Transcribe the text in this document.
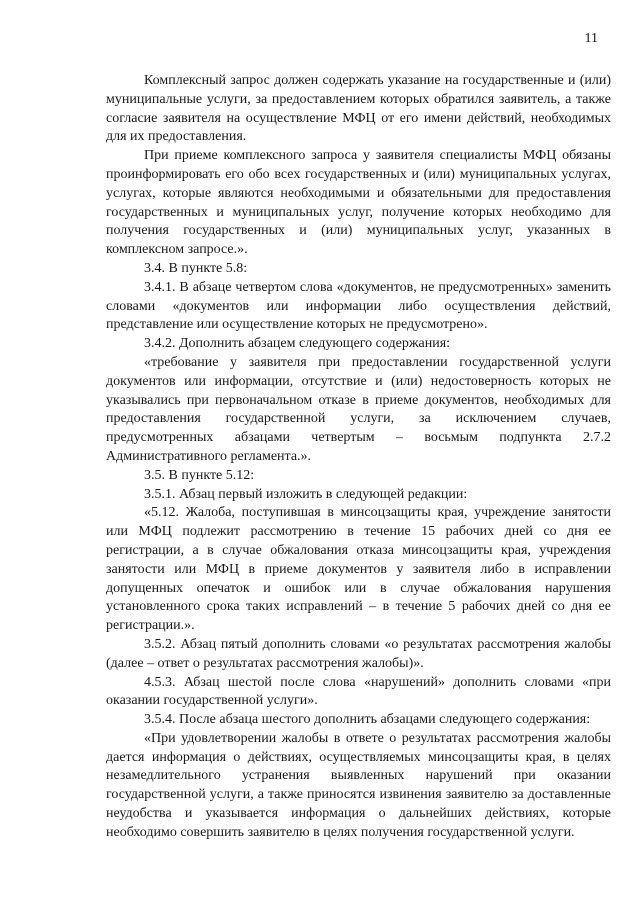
11

Комплексный запрос должен содержать указание на государственные и (или) муниципальные услуги, за предоставлением которых обратился заявитель, а также согласие заявителя на осуществление МФЦ от его имени действий, необходимых для их предоставления.

При приеме комплексного запроса у заявителя специалисты МФЦ обязаны проинформировать его обо всех государственных и (или) муниципальных услугах, услугах, которые являются необходимыми и обязательными для предоставления государственных и муниципальных услуг, получение которых необходимо для получения государственных и (или) муниципальных услуг, указанных в комплексном запросе.».

3.4. В пункте 5.8:

3.4.1. В абзаце четвертом слова «документов, не предусмотренных» заменить словами «документов или информации либо осуществления действий, представление или осуществление которых не предусмотрено».

3.4.2. Дополнить абзацем следующего содержания:

«требование у заявителя при предоставлении государственной услуги документов или информации, отсутствие и (или) недостоверность которых не указывались при первоначальном отказе в приеме документов, необходимых для предоставления государственной услуги, за исключением случаев, предусмотренных абзацами четвертым – восьмым подпункта 2.7.2 Административного регламента.».

3.5. В пункте 5.12:

3.5.1. Абзац первый изложить в следующей редакции:

«5.12. Жалоба, поступившая в минсоцзащиты края, учреждение занятости или МФЦ подлежит рассмотрению в течение 15 рабочих дней со дня ее регистрации, а в случае обжалования отказа минсоцзащиты края, учреждения занятости или МФЦ в приеме документов у заявителя либо в исправлении допущенных опечаток и ошибок или в случае обжалования нарушения установленного срока таких исправлений – в течение 5 рабочих дней со дня ее регистрации.».

3.5.2. Абзац пятый дополнить словами «о результатах рассмотрения жалобы (далее – ответ о результатах рассмотрения жалобы)».

4.5.3. Абзац шестой после слова «нарушений» дополнить словами «при оказании государственной услуги».

3.5.4. После абзаца шестого дополнить абзацами следующего содержания:

«При удовлетворении жалобы в ответе о результатах рассмотрения жалобы дается информация о действиях, осуществляемых минсоцзащиты края, в целях незамедлительного устранения выявленных нарушений при оказании государственной услуги, а также приносятся извинения заявителю за доставленные неудобства и указывается информация о дальнейших действиях, которые необходимо совершить заявителю в целях получения государственной услуги.
